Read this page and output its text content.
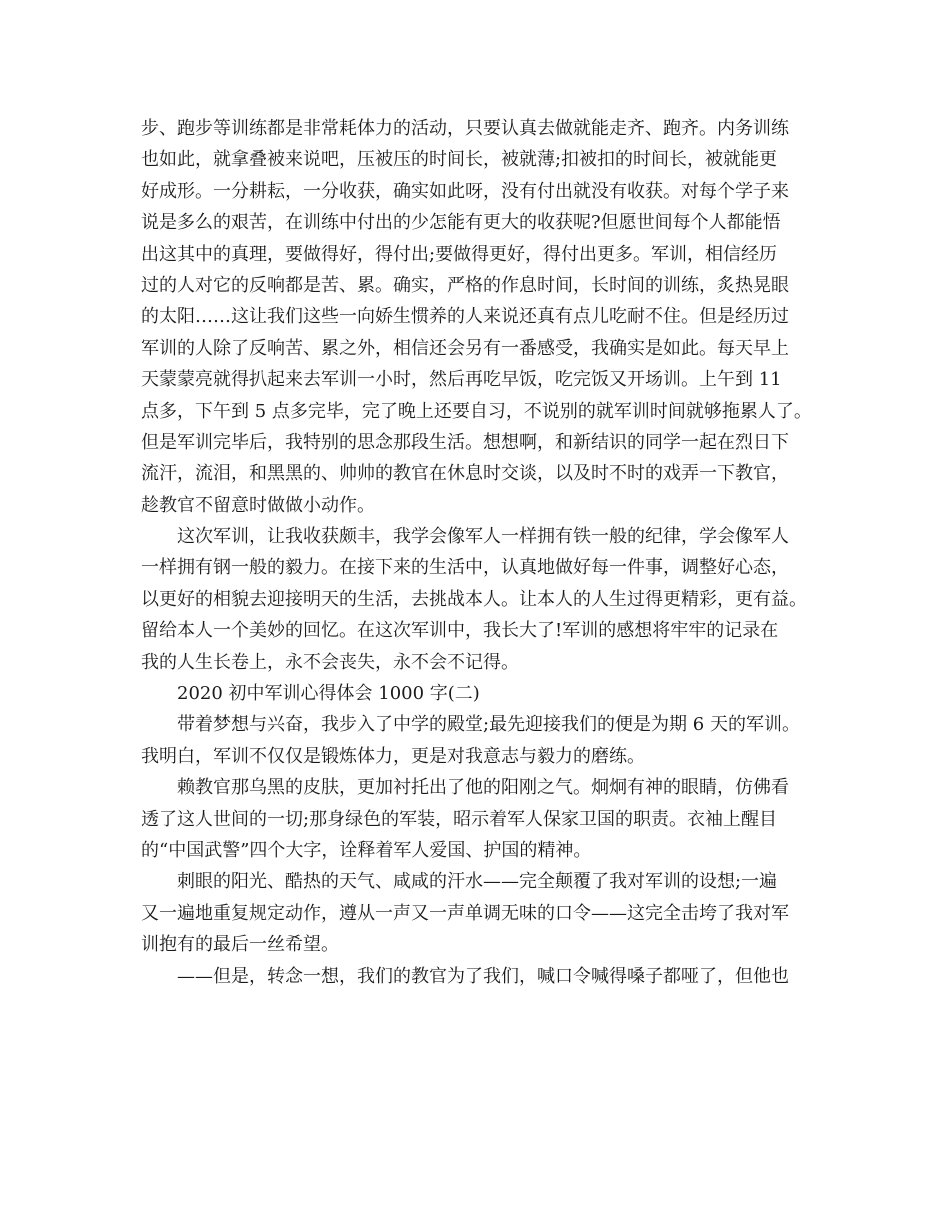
步、跑步等训练都是非常耗体力的活动，只要认真去做就能走齐、跑齐。内务训练
也如此，就拿叠被来说吧，压被压的时间长，被就薄;扣被扣的时间长，被就能更
好成形。一分耕耘，一分收获，确实如此呀，没有付出就没有收获。对每个学子来
说是多么的艰苦，在训练中付出的少怎能有更大的收获呢?但愿世间每个人都能悟
出这其中的真理，要做得好，得付出;要做得更好，得付出更多。军训，相信经历
过的人对它的反响都是苦、累。确实，严格的作息时间，长时间的训练，炙热晃眼
的太阳……这让我们这些一向娇生惯养的人来说还真有点儿吃耐不住。但是经历过
军训的人除了反响苦、累之外，相信还会另有一番感受，我确实是如此。每天早上
天蒙蒙亮就得扒起来去军训一小时，然后再吃早饭，吃完饭又开场训。上午到 11
点多，下午到 5 点多完毕，完了晚上还要自习，不说别的就军训时间就够拖累人了。
但是军训完毕后，我特别的思念那段生活。想想啊，和新结识的同学一起在烈日下
流汗，流泪，和黑黑的、帅帅的教官在休息时交谈，以及时不时的戏弄一下教官，
趁教官不留意时做做小动作。
这次军训，让我收获颇丰，我学会像军人一样拥有铁一般的纪律，学会像军人
一样拥有钢一般的毅力。在接下来的生活中，认真地做好每一件事，调整好心态，
以更好的相貌去迎接明天的生活，去挑战本人。让本人的人生过得更精彩，更有益。
留给本人一个美妙的回忆。在这次军训中，我长大了!军训的感想将牢牢的记录在
我的人生长卷上，永不会丧失，永不会不记得。
2020 初中军训心得体会 1000 字(二)
带着梦想与兴奋，我步入了中学的殿堂;最先迎接我们的便是为期 6 天的军训。
我明白，军训不仅仅是锻炼体力，更是对我意志与毅力的磨练。
赖教官那乌黑的皮肤，更加衬托出了他的阳刚之气。炯炯有神的眼睛，仿佛看
透了这人世间的一切;那身绿色的军装，昭示着军人保家卫国的职责。衣袖上醒目
的“中国武警”四个大字，诠释着军人爱国、护国的精神。
刺眼的阳光、酷热的天气、咸咸的汗水——完全颠覆了我对军训的设想;一遍
又一遍地重复规定动作，遵从一声又一声单调无味的口令——这完全击垮了我对军
训抱有的最后一丝希望。
——但是，转念一想，我们的教官为了我们，喊口令喊得嗓子都哑了，但他也
